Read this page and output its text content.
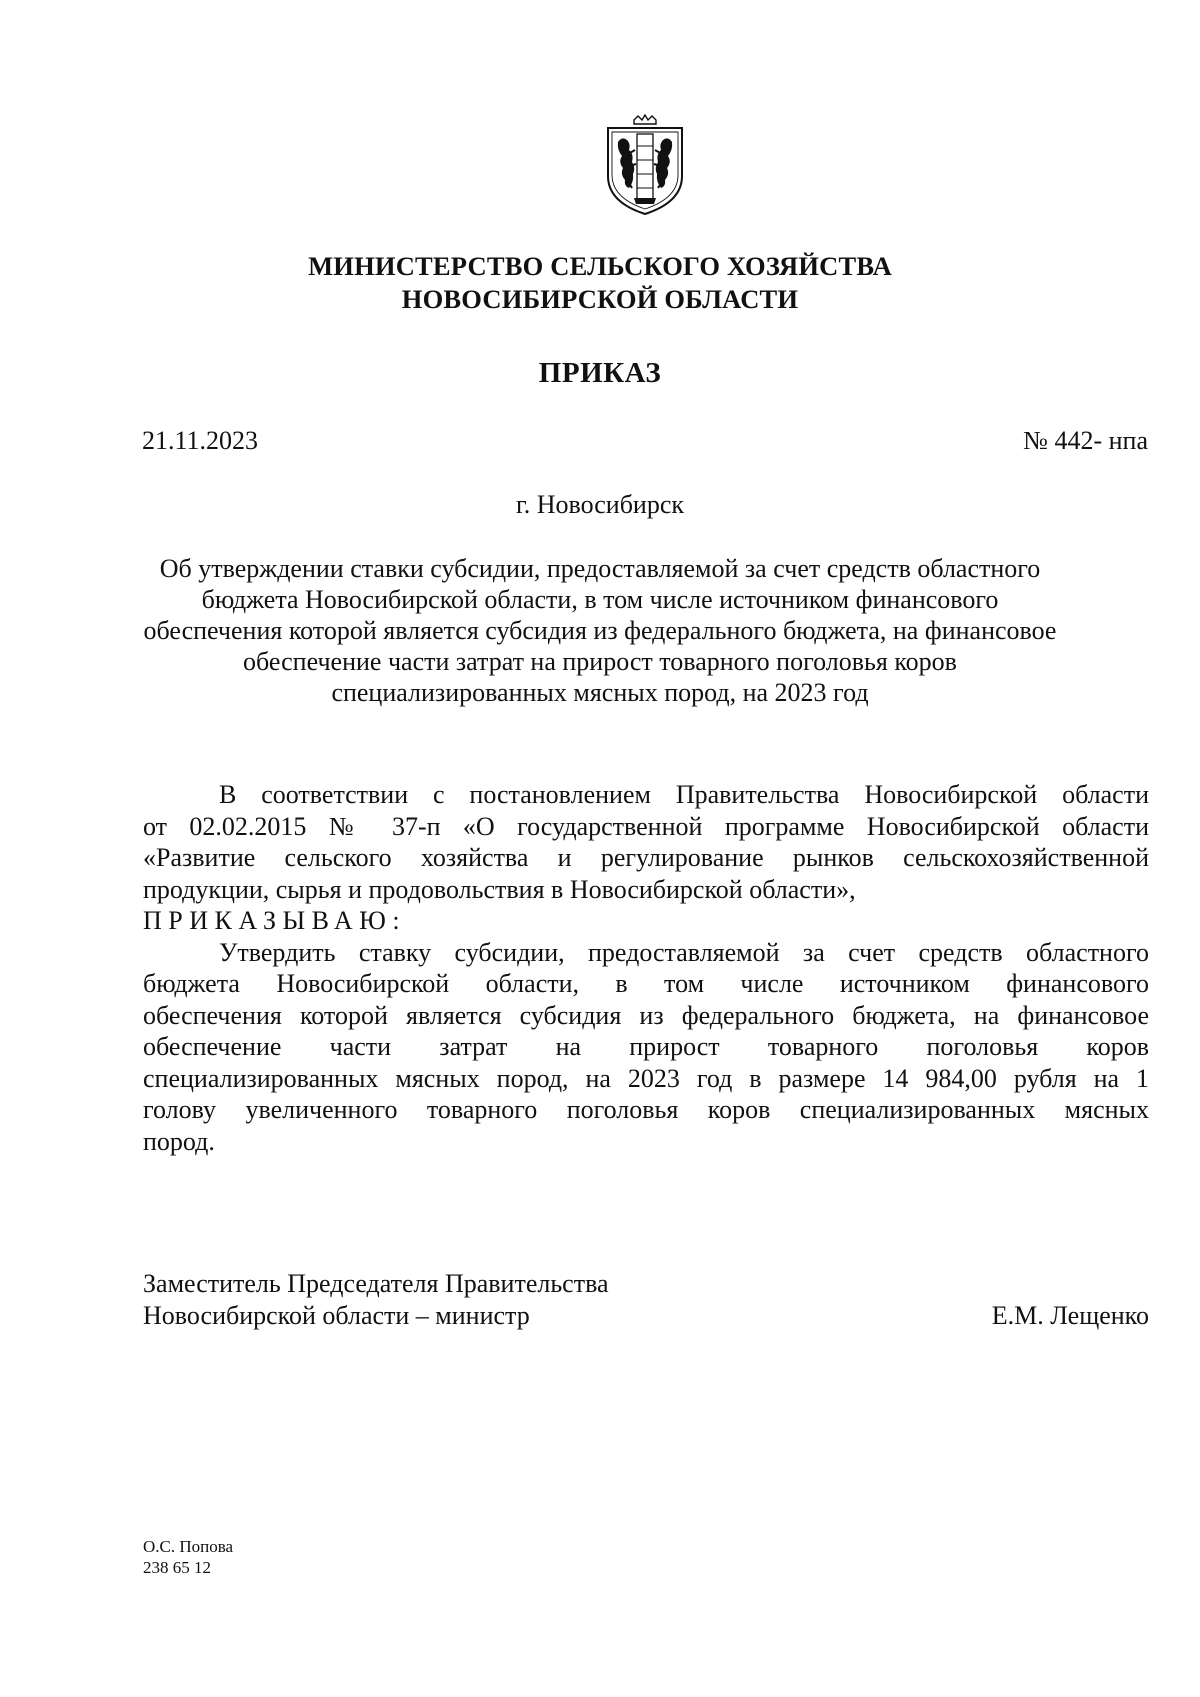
МИНИСТЕРСТВО СЕЛЬСКОГО ХОЗЯЙСТВА
НОВОСИБИРСКОЙ ОБЛАСТИ
ПРИКАЗ
21.11.2023	№ 442- нпа
г. Новосибирск
Об утверждении ставки субсидии, предоставляемой за счет средств областного
бюджета Новосибирской области, в том числе источником финансового
обеспечения которой является субсидия из федерального бюджета, на финансовое
обеспечение части затрат на прирост товарного поголовья коров
специализированных мясных пород, на 2023 год
В соответствии с постановлением Правительства Новосибирской области
от 02.02.2015 № 37-п «О государственной программе Новосибирской области
«Развитие сельского хозяйства и регулирование рынков сельскохозяйственной
продукции, сырья и продовольствия в Новосибирской области»,
ПРИКАЗЫВАЮ:
Утвердить ставку субсидии, предоставляемой за счет средств областного
бюджета Новосибирской области, в том числе источником финансового
обеспечения которой является субсидия из федерального бюджета, на финансовое
обеспечение части затрат на прирост товарного поголовья коров
специализированных мясных пород, на 2023 год в размере 14 984,00 рубля на 1
голову увеличенного товарного поголовья коров специализированных мясных
пород.
Заместитель Председателя Правительства
Новосибирской области – министр	Е.М. Лещенко
О.С. Попова
238 65 12
